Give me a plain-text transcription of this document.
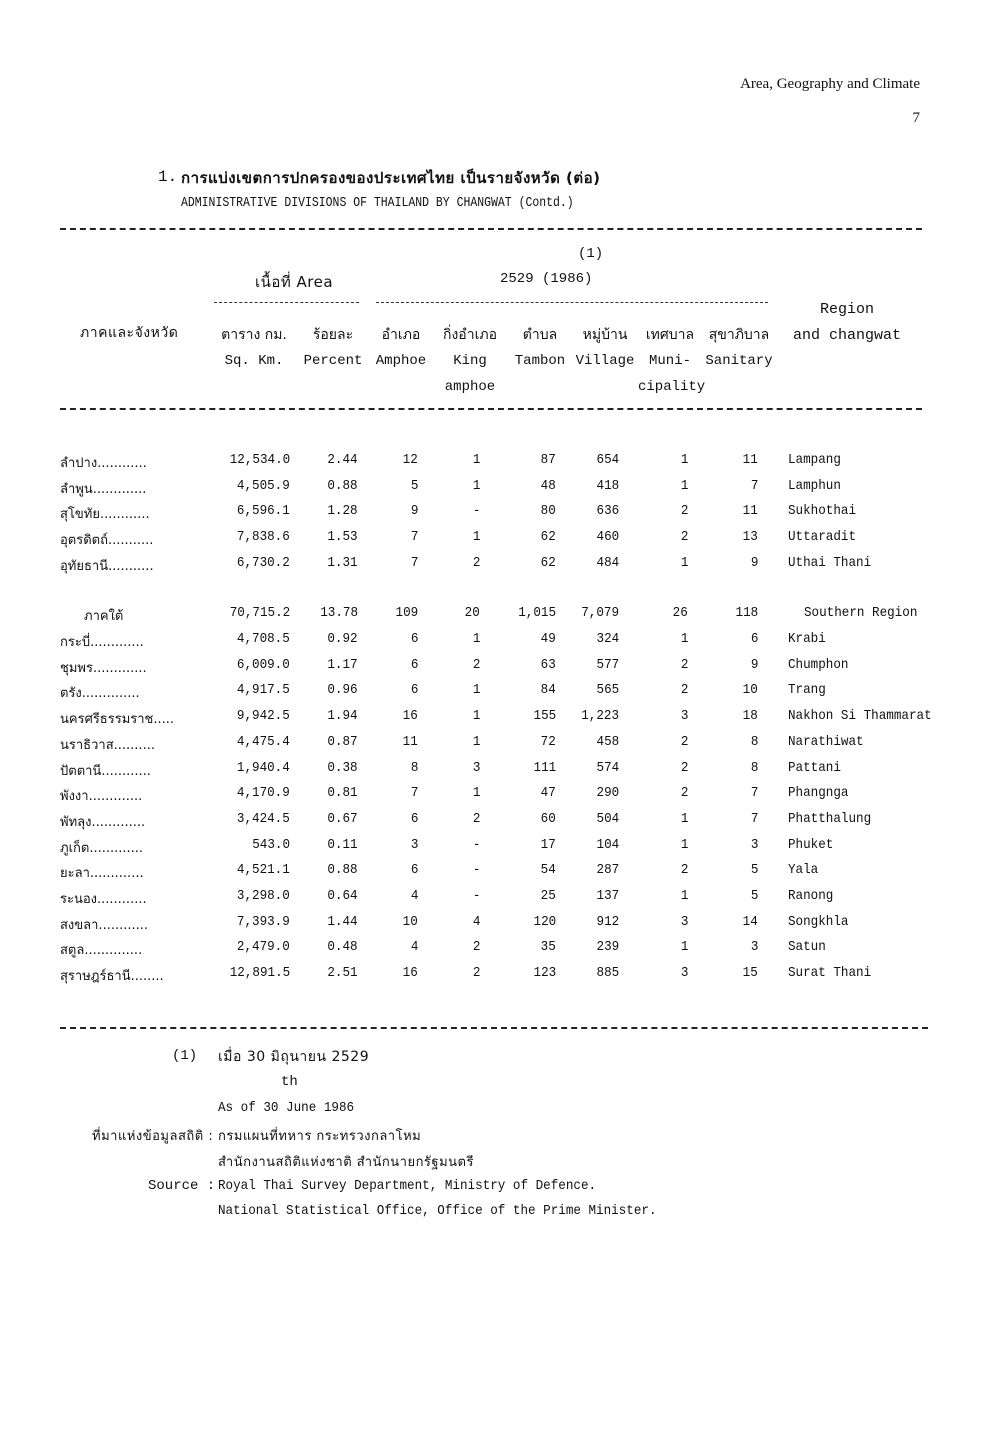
Area, Geography and Climate
7
1. การแบ่งเขตการปกครองของประเทศไทย เป็นรายจังหวัด (ต่อ)
ADMINISTRATIVE DIVISIONS OF THAILAND BY CHANGWAT (Contd.)
(1)
เนื้อที่ Area	2529 (1986)
Region
and changwat
ภาคและจังหวัด	ตาราง กม.
Sq. Km.
ร้อยละ
Percent
อำเภอ
Amphoe
กิ่งอำเภอ
King
amphoe
ตำบล
Tambon
หมู่บ้าน
Village
เทศบาล
Muni-
cipality
สุขาภิบาล
Sanitary
ลำปาง............	12,534.0	2.44	12	1	87	654	1	11 Lampang
ลำพูน.............	4,505.9	0.88	5	1	48	418	1	7 Lamphun
สุโขทัย............	6,596.1	1.28	9	-	80	636	2	11 Sukhothai
อุตรดิตถ์...........	7,838.6	1.53	7	1	62	460	2	13 Uttaradit
อุทัยธานี...........	6,730.2	1.31	7	2	62	484	1	9 Uthai Thani
ภาคใต้	70,715.2 13.78	109	20	1,015 7,079	26	118	Southern Region
กระบี่.............	4,708.5	0.92	6	1	49	324	1	6 Krabi
ชุมพร.............	6,009.0	1.17	6	2	63	577	2	9 Chumphon
ตรัง..............	4,917.5	0.96	6	1	84	565	2	10 Trang
นครศรีธรรมราช.....	9,942.5	1.94	16	1	155 1,223	3	18 Nakhon Si Thammarat
นราธิวาส..........	4,475.4	0.87	11	1	72	458	2	8 Narathiwat
ปัตตานี............	1,940.4	0.38	8	3	111	574	2	8 Pattani
พังงา.............	4,170.9	0.81	7	1	47	290	2	7 Phangnga
พัทลุง.............	3,424.5	0.67	6	2	60	504	1	7 Phatthalung
ภูเก็ต.............	543.0	0.11	3	-	17	104	1	3 Phuket
ยะลา.............	4,521.1	0.88	6	-	54	287	2	5 Yala
ระนอง............	3,298.0	0.64	4	-	25	137	1	5 Ranong
สงขลา............	7,393.9	1.44	10	4	120	912	3	14 Songkhla
สตูล..............	2,479.0	0.48	4	2	35	239	1	3 Satun
สุราษฎร์ธานี........	12,891.5	2.51	16	2	123	885	3	15 Surat Thani
(1) เมื่อ 30 มิถุนายน 2529
th
As of 30 June 1986
ที่มาแห่งข้อมูลสถิติ : กรมแผนที่ทหาร กระทรวงกลาโหม
สำนักงานสถิติแห่งชาติ สำนักนายกรัฐมนตรี
Source : Royal Thai Survey Department, Ministry of Defence.
National Statistical Office, Office of the Prime Minister.
